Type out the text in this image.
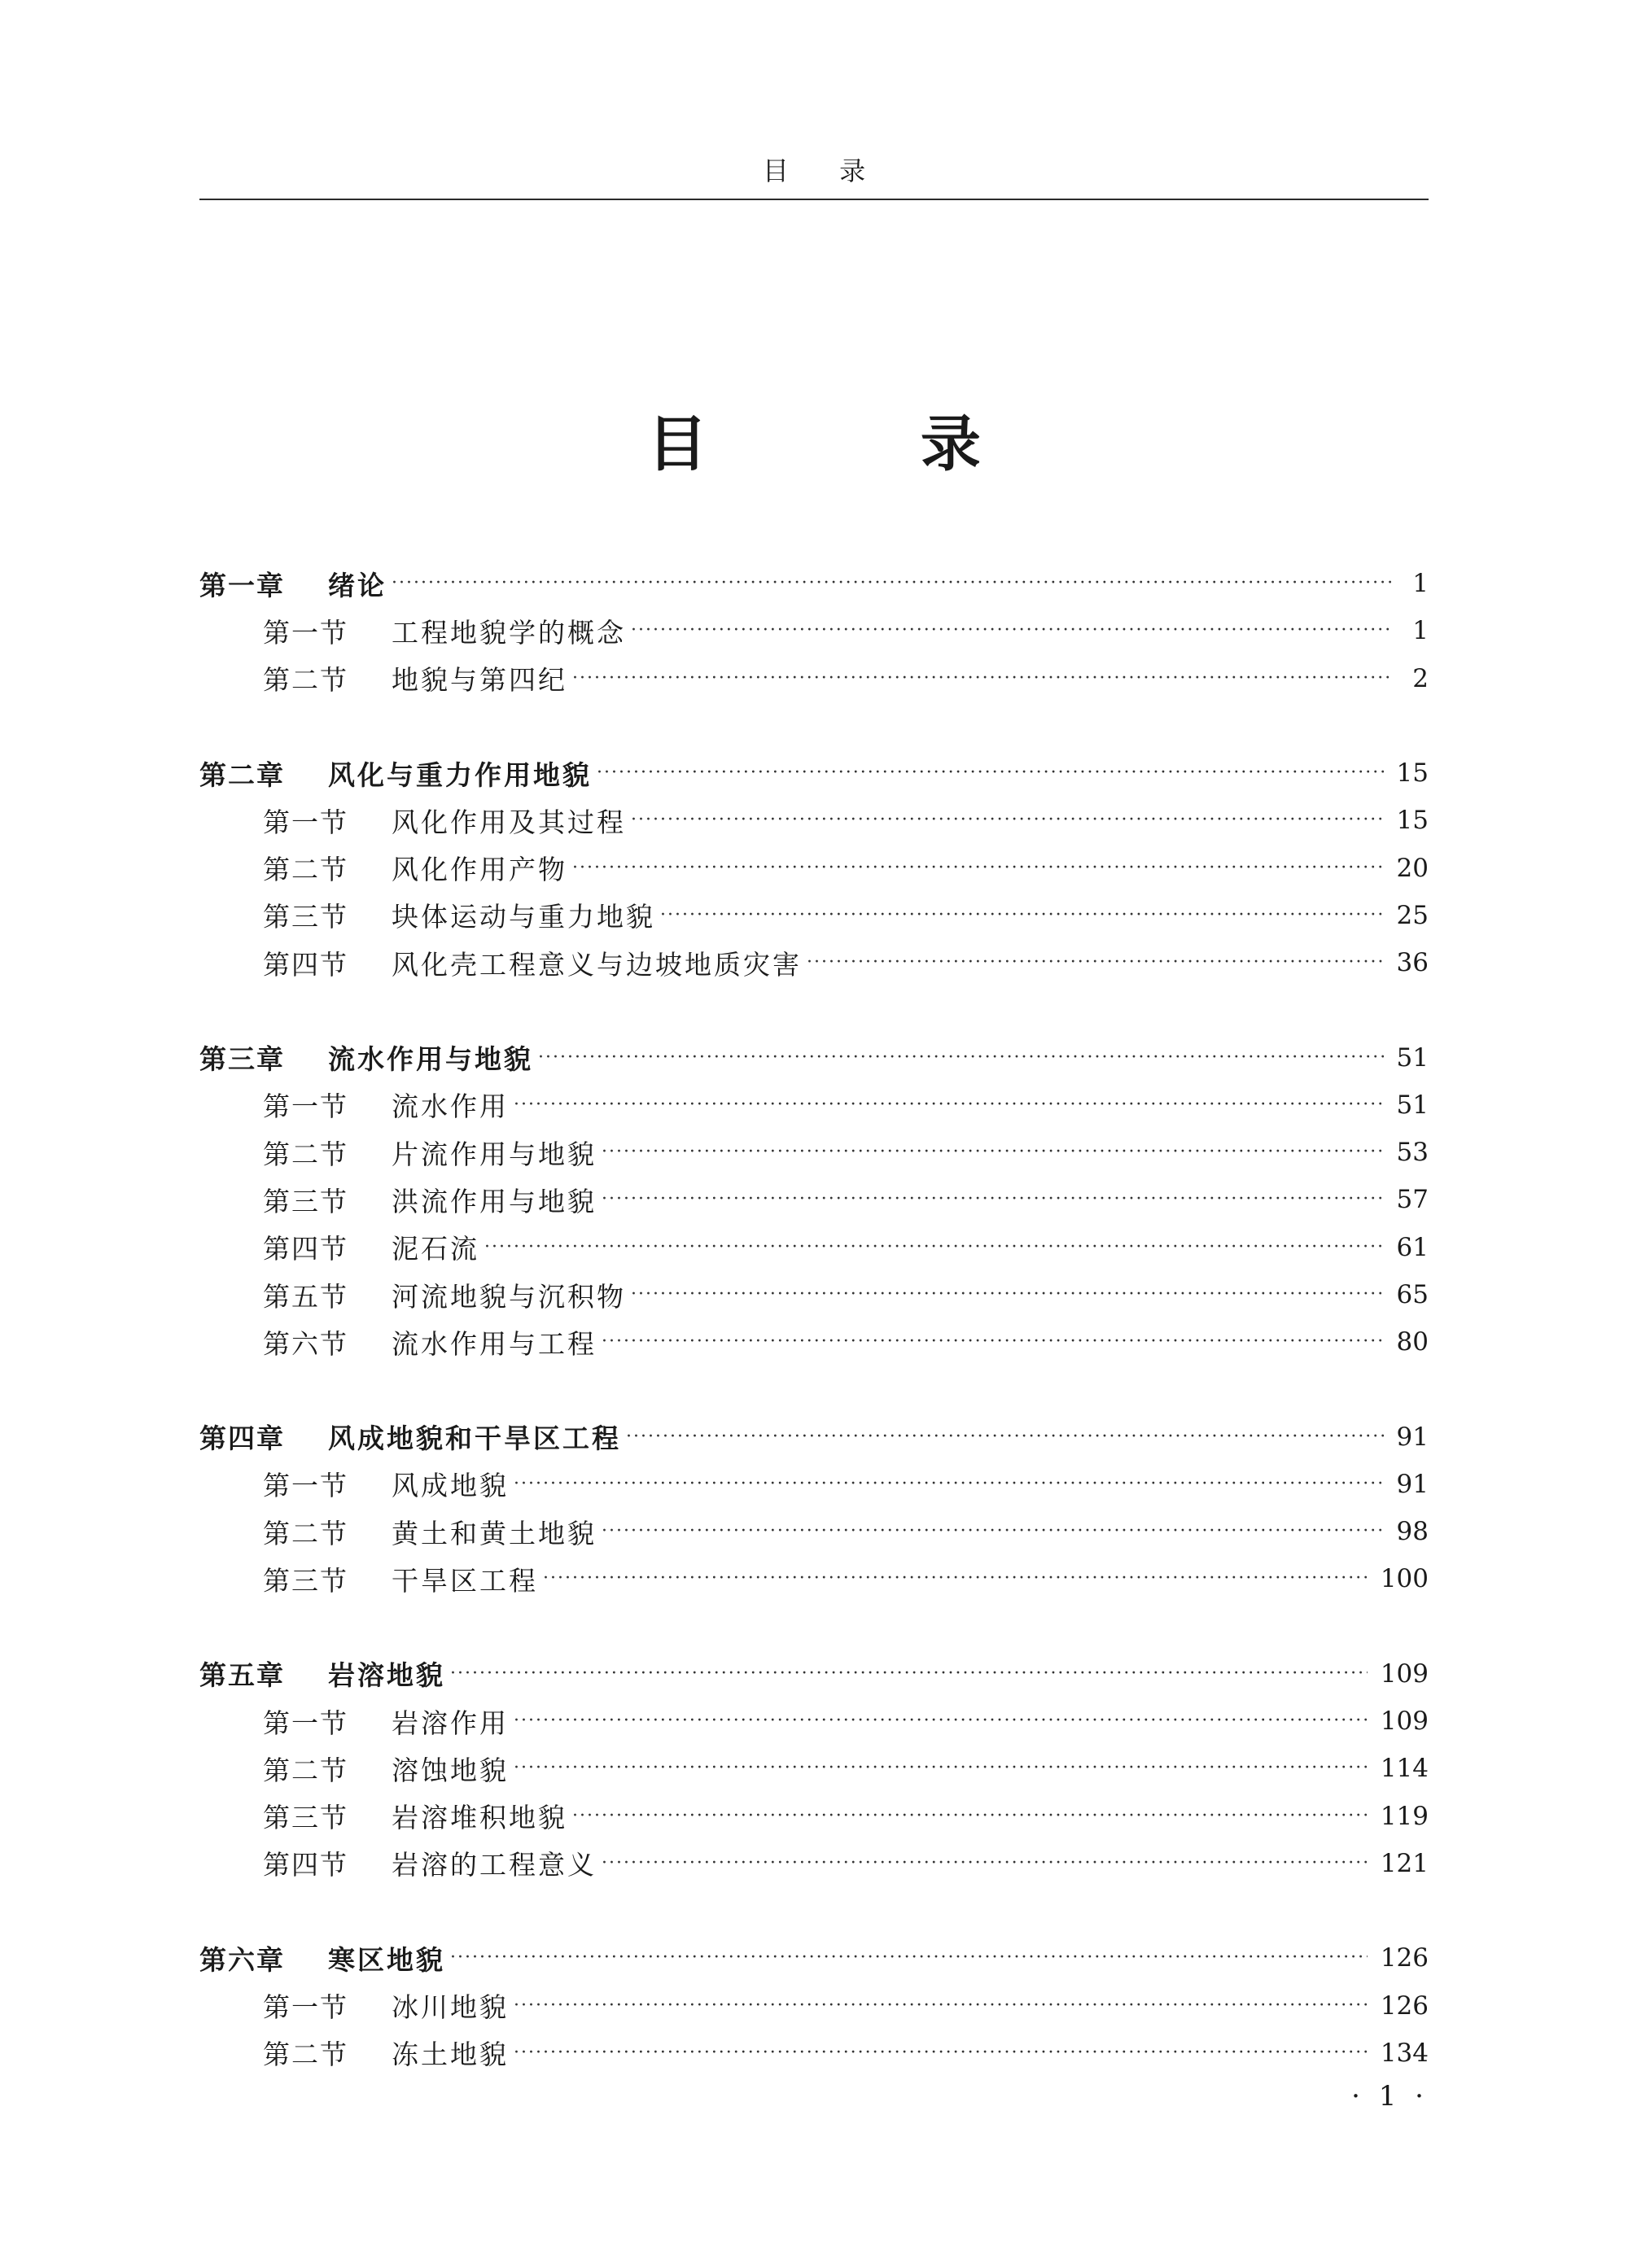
目 录
目 录
第一章	绪论 ·····	1
第一节	工程地貌学的概念 ·····	1
第二节	地貌与第四纪 ·····	2
第二章	风化与重力作用地貌 ·····	15
第一节	风化作用及其过程 ·····	15
第二节	风化作用产物 ·····	20
第三节	块体运动与重力地貌 ·····	25
第四节	风化壳工程意义与边坡地质灾害 ·····	36
第三章	流水作用与地貌 ·····	51
第一节	流水作用 ·····	51
第二节	片流作用与地貌 ·····	53
第三节	洪流作用与地貌 ·····	57
第四节	泥石流 ·····	61
第五节	河流地貌与沉积物 ·····	65
第六节	流水作用与工程 ·····	80
第四章	风成地貌和干旱区工程 ·····	91
第一节	风成地貌 ·····	91
第二节	黄土和黄土地貌 ·····	98
第三节	干旱区工程 ·····	100
第五章	岩溶地貌 ·····	109
第一节	岩溶作用 ·····	109
第二节	溶蚀地貌 ·····	114
第三节	岩溶堆积地貌 ·····	119
第四节	岩溶的工程意义 ·····	121
第六章	寒区地貌 ·····	126
第一节	冰川地貌 ·····	126
第二节	冻土地貌 ·····	134
· 1 ·
